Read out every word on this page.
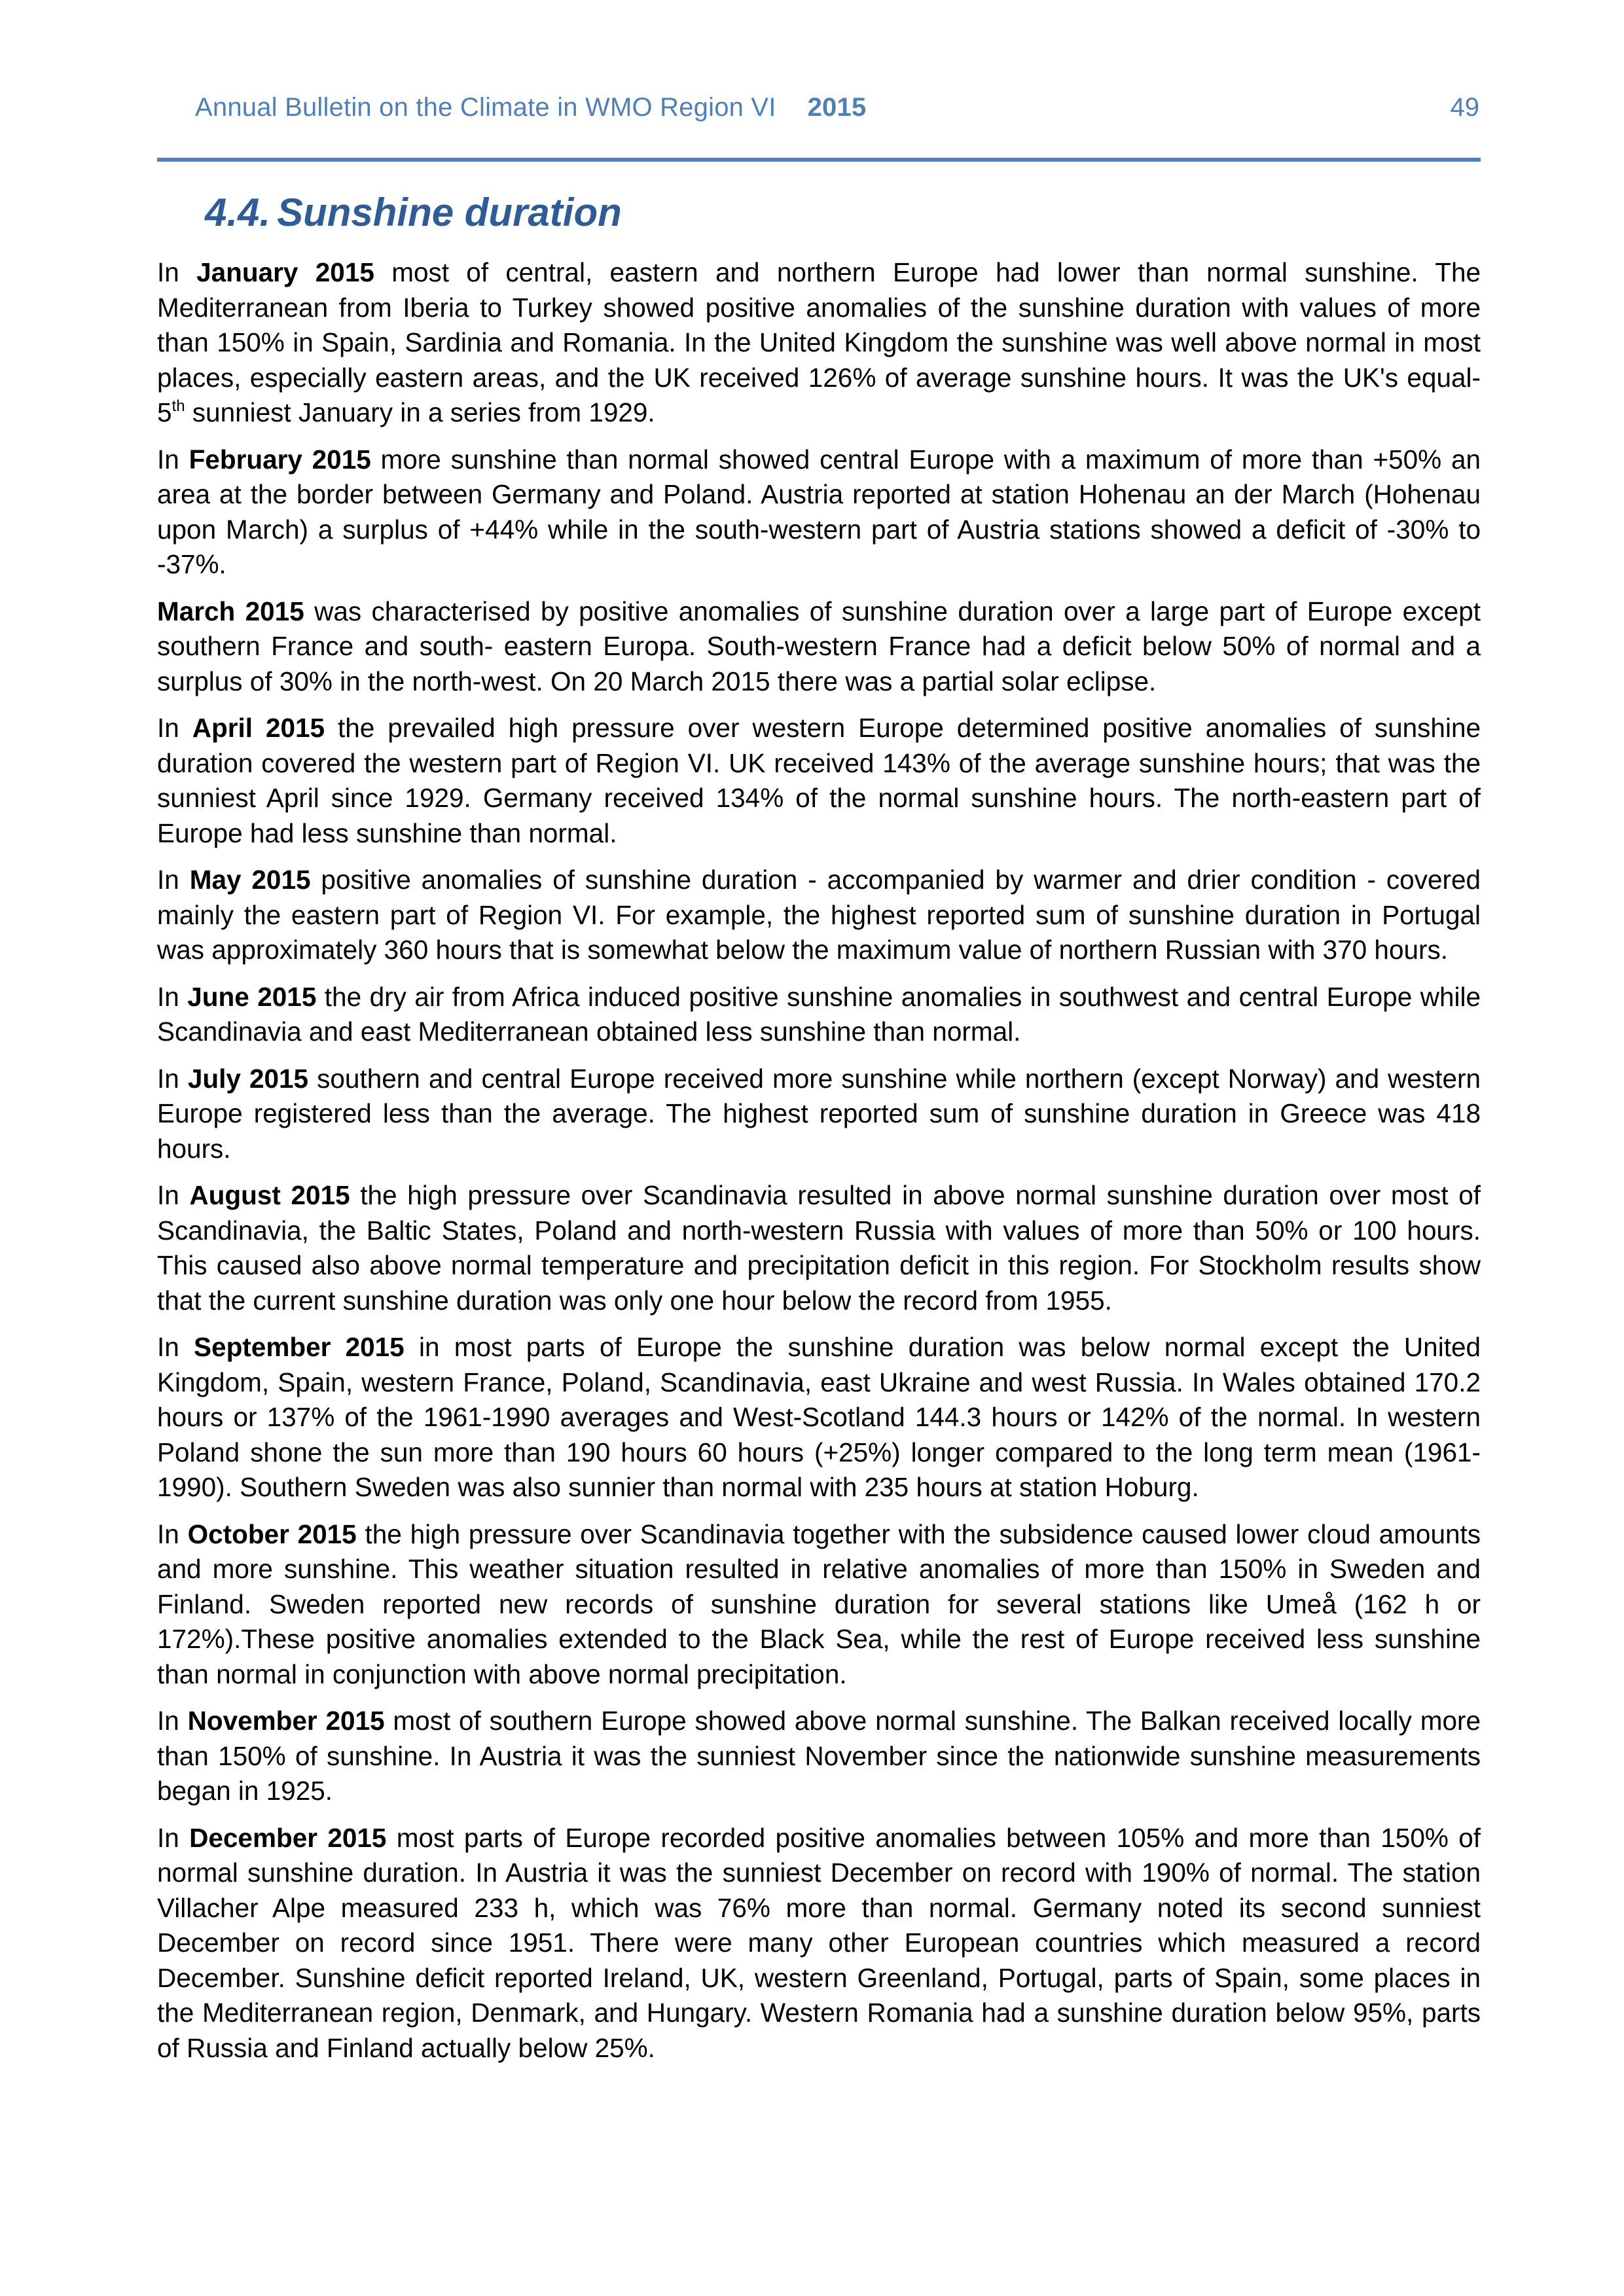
Annual Bulletin on the Climate in WMO Region VI 2015	49
4.4. Sunshine duration

In January 2015 most of central, eastern and northern Europe had lower than normal sunshine. The Mediterranean from Iberia to Turkey showed positive anomalies of the sunshine duration with values of more than 150% in Spain, Sardinia and Romania. In the United Kingdom the sunshine was well above normal in most places, especially eastern areas, and the UK received 126% of average sunshine hours. It was the UK's equal- 5th sunniest January in a series from 1929.

In February 2015 more sunshine than normal showed central Europe with a maximum of more than +50% an area at the border between Germany and Poland. Austria reported at station Hohenau an der March (Hohenau upon March) a surplus of +44% while in the south-western part of Austria stations showed a deficit of -30% to -37%.

March 2015 was characterised by positive anomalies of sunshine duration over a large part of Europe except southern France and south- eastern Europa. South-western France had a deficit below 50% of normal and a surplus of 30% in the north-west. On 20 March 2015 there was a partial solar eclipse.

In April 2015 the prevailed high pressure over western Europe determined positive anomalies of sunshine duration covered the western part of Region VI. UK received 143% of the average sunshine hours; that was the sunniest April since 1929. Germany received 134% of the normal sunshine hours. The north-eastern part of Europe had less sunshine than normal.

In May 2015 positive anomalies of sunshine duration - accompanied by warmer and drier condition - covered mainly the eastern part of Region VI. For example, the highest reported sum of sunshine duration in Portugal was approximately 360 hours that is somewhat below the maximum value of northern Russian with 370 hours.

In June 2015 the dry air from Africa induced positive sunshine anomalies in southwest and central Europe while Scandinavia and east Mediterranean obtained less sunshine than normal.

In July 2015 southern and central Europe received more sunshine while northern (except Norway) and western Europe registered less than the average. The highest reported sum of sunshine duration in Greece was 418 hours.

In August 2015 the high pressure over Scandinavia resulted in above normal sunshine duration over most of Scandinavia, the Baltic States, Poland and north-western Russia with values of more than 50% or 100 hours. This caused also above normal temperature and precipitation deficit in this region. For Stockholm results show that the current sunshine duration was only one hour below the record from 1955.

In September 2015 in most parts of Europe the sunshine duration was below normal except the United Kingdom, Spain, western France, Poland, Scandinavia, east Ukraine and west Russia. In Wales obtained 170.2 hours or 137% of the 1961-1990 averages and West-Scotland 144.3 hours or 142% of the normal. In western Poland shone the sun more than 190 hours 60 hours (+25%) longer compared to the long term mean (1961-1990). Southern Sweden was also sunnier than normal with 235 hours at station Hoburg.

In October 2015 the high pressure over Scandinavia together with the subsidence caused lower cloud amounts and more sunshine. This weather situation resulted in relative anomalies of more than 150% in Sweden and Finland. Sweden reported new records of sunshine duration for several stations like Umeå (162 h or 172%).These positive anomalies extended to the Black Sea, while the rest of Europe received less sunshine than normal in conjunction with above normal precipitation.

In November 2015 most of southern Europe showed above normal sunshine. The Balkan received locally more than 150% of sunshine. In Austria it was the sunniest November since the nationwide sunshine measurements began in 1925.

In December 2015 most parts of Europe recorded positive anomalies between 105% and more than 150% of normal sunshine duration. In Austria it was the sunniest December on record with 190% of normal. The station Villacher Alpe measured 233 h, which was 76% more than normal. Germany noted its second sunniest December on record since 1951. There were many other European countries which measured a record December. Sunshine deficit reported Ireland, UK, western Greenland, Portugal, parts of Spain, some places in the Mediterranean region, Denmark, and Hungary. Western Romania had a sunshine duration below 95%, parts of Russia and Finland actually below 25%.
